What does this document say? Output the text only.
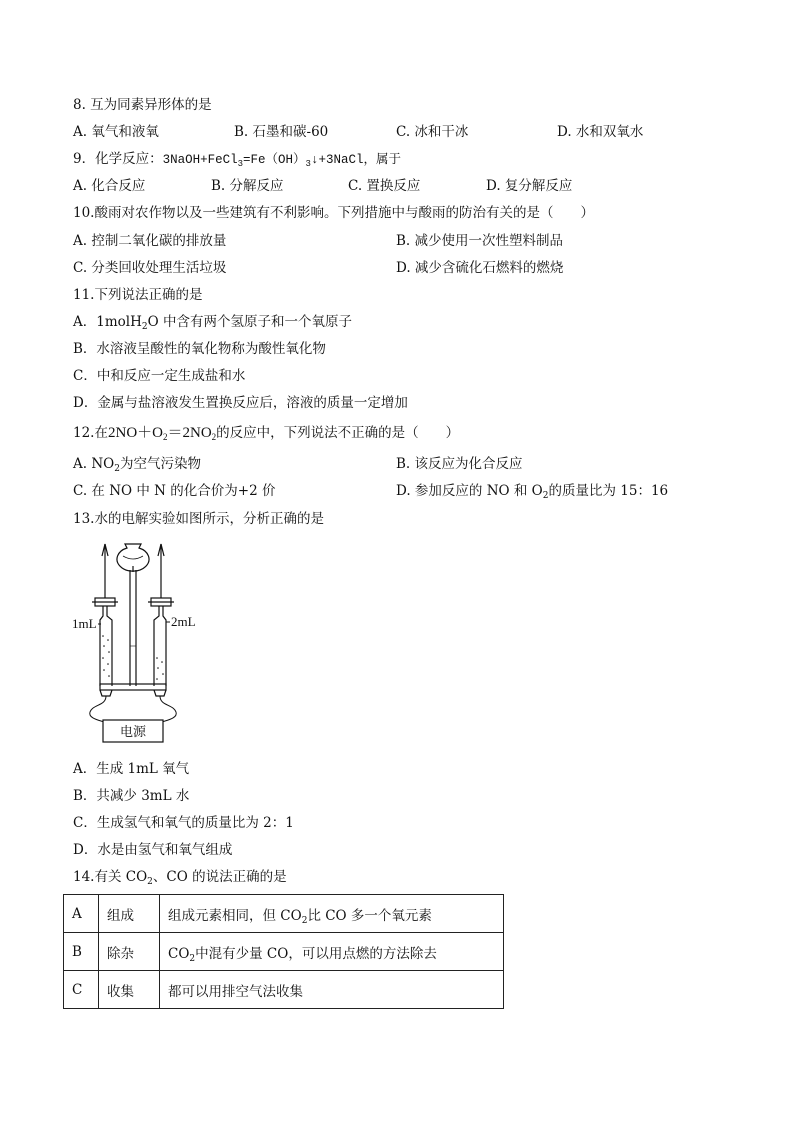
8. 互为同素异形体的是
A. 氧气和液氧	B. 石墨和碳-60	C. 冰和干冰	D. 水和双氧水
9．化学反应：$3NaOH+FeCl_3=Fe(OH)_3↓+3NaCl$，属于
A. 化合反应	B. 分解反应	C. 置换反应	D. 复分解反应
10.酸雨对农作物以及一些建筑有不利影响。下列措施中与酸雨的防治有关的是（　　）
A. 控制二氧化碳的排放量	B. 减少使用一次性塑料制品
C. 分类回收处理生活垃圾	D. 减少含硫化石燃料的燃烧
11.下列说法正确的是
A．1molH$_2$O 中含有两个氢原子和一个氧原子
B．水溶液呈酸性的氧化物称为酸性氧化物
C．中和反应一定生成盐和水
D．金属与盐溶液发生置换反应后，溶液的质量一定增加
12.在$2NO+O_2=2NO_2$的反应中，下列说法不正确的是（　　）
A. $NO_2$为空气污染物	B. 该反应为化合反应
C. 在 NO 中 N 的化合价为+2 价	D. 参加反应的 NO 和 $O_2$的质量比为 15：16
13.水的电解实验如图所示，分析正确的是
1mL	2mL
电源
A．生成 1mL 氧气
B．共减少 3mL 水
C．生成氢气和氧气的质量比为 2：1
D．水是由氢气和氧气组成
14.有关 $CO_2$、CO 的说法正确的是
A	组成	组成元素相同，但 $CO_2$比 CO 多一个氧元素
B	除杂	$CO_2$中混有少量 CO，可以用点燃的方法除去
C	收集	都可以用排空气法收集
